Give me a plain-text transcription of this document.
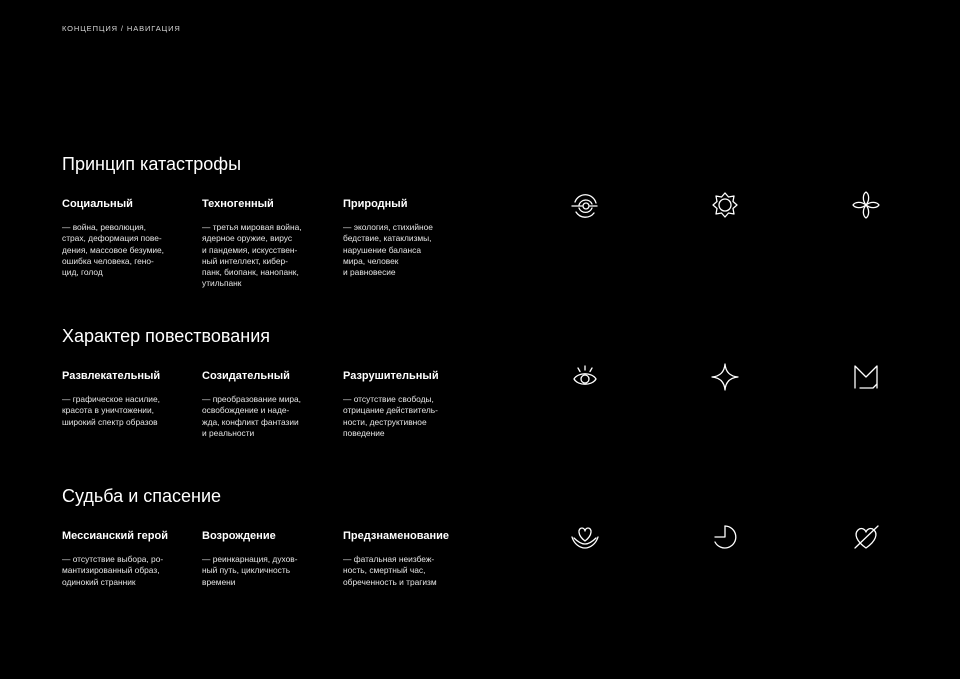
КОНЦЕПЦИЯ / НАВИГАЦИЯ
Принцип катастрофы
Социальный
— война, революция,
страх, деформация пове-
дения, массовое безумие,
ошибка человека, гено-
цид, голод
Техногенный
— третья мировая война,
ядерное оружие, вирус
и пандемия, искусствен-
ный интеллект, кибер-
панк, биопанк, нанопанк,
утильпанк
Природный
— экология, стихийное
бедствие, катаклизмы,
нарушение баланса
мира, человек
и равновесие
Характер повествования
Развлекательный
— графическое насилие,
красота в уничтожении,
широкий спектр образов
Созидательный
— преобразование мира,
освобождение и наде-
жда, конфликт фантазии
и реальности
Разрушительный
— отсутствие свободы,
отрицание действитель-
ности, деструктивное
поведение
Судьба и спасение
Мессианский герой
— отсутствие выбора, ро-
мантизированный образ,
одинокий странник
Возрождение
— реинкарнация, духов-
ный путь, цикличность
времени
Предзнаменование
— фатальная неизбеж-
ность, смертный час,
обреченность и трагизм
